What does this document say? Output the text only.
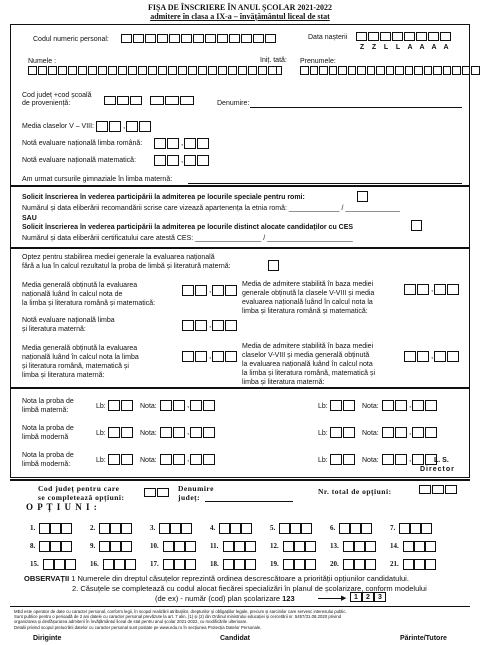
FIȘA DE ÎNSCRIERE ÎN ANUL ȘCOLAR 2021-2022
admitere în clasa a IX-a – învățământul liceal de stat
Codul numeric personal:	Data nașterii
Z	Z	L	L	A A A A
Numele :	Iniț. tată: Prenumele:
Cod județ +cod școală
de proveniență:	Denumire:
Media claselor V – VIII:	,
Notă evaluare națională limba română:	,
Notă evaluare națională matematică:	,
Am urmat cursurile gimnaziale în limba maternă:
Solicit înscrierea în vederea participării la admiterea pe locurile speciale pentru romi:
Numărul și data eliberării recomandării scrise care vizează apartenența la etnia romă: _____________ / ______________
SAU
Solicit înscrierea în vederea participării la admiterea pe locurile distinct alocate candidaților cu CES
Numărul și data eliberării certificatului care atestă CES: _________________ / ______________________
Optez pentru stabilirea mediei generale la evaluarea națională
fără a lua în calcul rezultatul la proba de limbă și literatură maternă:
Media generală obținută la evaluarea
națională luând în calcul nota de
la limba și literatura română și matematică:
,
Media de admitere stabilită în baza mediei
generale obținută la clasele V-VIII și media
evaluarea națională luând în calcul nota la
limba și literatura română și matematică:
,
Notă evaluare națională limba
și literatura maternă:
,
Media generală obținută la evaluarea
națională luând în calcul nota la limba
și literatura română, matematică și
limba și literatura maternă:
,
Media de admitere stabilită în baza mediei
claselor V-VIII și media generală obținută
la evaluarea națională luând în calcul nota
la limba și literatura română, matematică și
limba și literatura maternă:
,
Nota la proba de
limbă maternă:
Lb:	Nota:	,	Lb:	Nota:	,
Nota la proba de
limbă modernă
Lb:	Nota:	,	Lb:	Nota:	,
Nota la proba de
limbă modernă:
Lb:	Nota:	,	Lb:	Nota:	,	L. S.
Director
Cod județ pentru care
se completează opțiuni:
Denumire
județ:
Nr. total de opțiuni:
O P Ț I U N I :
1.	2.	3.	4.	5.	6.	7.
8.	9.	10.	11.	12.	13.	14.
15.	16.	17.	18.	19.	20.	21.
OBSERVAȚII 1 Numerele din dreptul căsuțelor reprezintă ordinea descrescătoare a priorității opțiunilor candidatului.
2. Căsuțele se completează cu codul alocat fiecărei specializări în planul de școlarizare, conform modelului
(de ex) - număr (cod) plan școlarizare 123	▶	1	2	3
MEd este operator de date cu caracter personal, conform legii, în scopul realizării atribuțiilor, drepturilor și obligațiilor legale, precum și sarcinilor care servesc interesului public.
Sunt publice pentru o perioadă de 2 ani datele cu caracter personal prevăzute la art. 7 alin. (1) și (2) din Ordinul ministrului educației și cercetării nr. 5457/31.08.2020 privind
organizarea și desfășurarea admiterii în învățământul liceal de stat pentru anul școlar 2021-2022, cu modificările ulterioare.
Detalii privind scopul prelucrării datelor cu caracter personal sunt postate pe www.edu.ro în secțiunea Protecția Datelor Personale.
Diriginte	Candidat	Părinte/Tutore
